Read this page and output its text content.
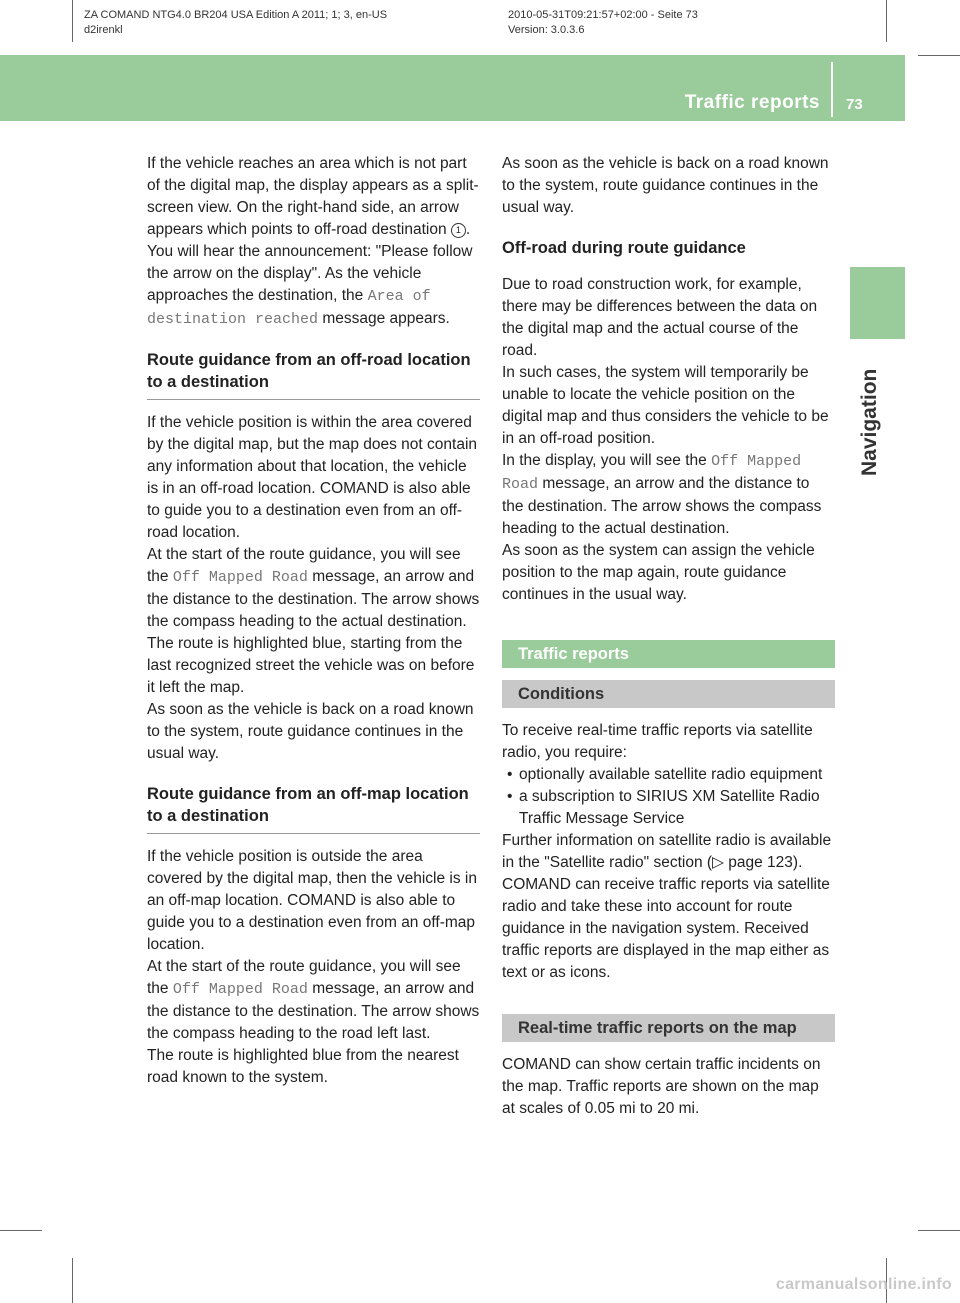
ZA COMAND NTG4.0 BR204 USA Edition A 2011; 1; 3, en-US
d2irenkl
2010-05-31T09:21:57+02:00 - Seite 73
Version: 3.0.3.6
Traffic reports 73
Navigation

If the vehicle reaches an area which is not part of the digital map, the display appears as a split-screen view. On the right-hand side, an arrow appears which points to off-road destination 1 . You will hear the announcement: "Please follow the arrow on the display". As the vehicle approaches the destination, the Area of destination reached message appears.

Route guidance from an off-road location to a destination

If the vehicle position is within the area covered by the digital map, but the map does not contain any information about that location, the vehicle is in an off-road location. COMAND is also able to guide you to a destination even from an off-road location.

At the start of the route guidance, you will see the Off Mapped Road message, an arrow and the distance to the destination. The arrow shows the compass heading to the actual destination.

The route is highlighted blue, starting from the last recognized street the vehicle was on before it left the map.

As soon as the vehicle is back on a road known to the system, route guidance continues in the usual way.

Route guidance from an off-map location to a destination

If the vehicle position is outside the area covered by the digital map, then the vehicle is in an off-map location. COMAND is also able to guide you to a destination even from an off-map location.

At the start of the route guidance, you will see the Off Mapped Road message, an arrow and the distance to the destination. The arrow shows the compass heading to the road left last.

The route is highlighted blue from the nearest road known to the system.

As soon as the vehicle is back on a road known to the system, route guidance continues in the usual way.

Off-road during route guidance

Due to road construction work, for example, there may be differences between the data on the digital map and the actual course of the road.

In such cases, the system will temporarily be unable to locate the vehicle position on the digital map and thus considers the vehicle to be in an off-road position.

In the display, you will see the Off Mapped Road message, an arrow and the distance to the destination. The arrow shows the compass heading to the actual destination.

As soon as the system can assign the vehicle position to the map again, route guidance continues in the usual way.

Traffic reports
Conditions

To receive real-time traffic reports via satellite radio, you require:

• optionally available satellite radio equipment
• a subscription to SIRIUS XM Satellite Radio Traffic Message Service

Further information on satellite radio is available in the "Satellite radio" section (▷ page 123).

COMAND can receive traffic reports via satellite radio and take these into account for route guidance in the navigation system. Received traffic reports are displayed in the map either as text or as icons.

Real-time traffic reports on the map

COMAND can show certain traffic incidents on the map. Traffic reports are shown on the map at scales of 0.05 mi to 20 mi.

carmanualsonline.info
